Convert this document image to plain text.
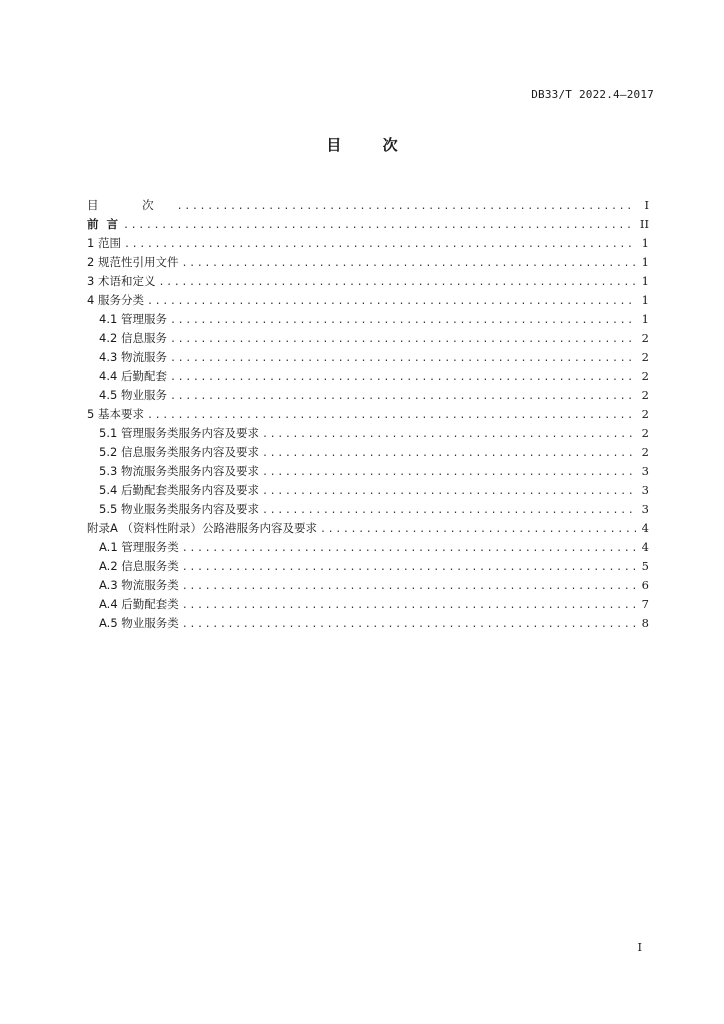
DB33/T 2022.4—2017
目 次
目 次 .....	I
前 言 .....	II
1 范围 .....	1
2 规范性引用文件 .....	1
3 术语和定义 .....	1
4 服务分类 .....	1
4.1 管理服务 .....	1
4.2 信息服务 .....	2
4.3 物流服务 .....	2
4.4 后勤配套 .....	2
4.5 物业服务 .....	2
5 基本要求 .....	2
5.1 管理服务类服务内容及要求 .....	2
5.2 信息服务类服务内容及要求 .....	2
5.3 物流服务类服务内容及要求 .....	3
5.4 后勤配套类服务内容及要求 .....	3
5.5 物业服务类服务内容及要求 .....	3
附录A （资料性附录）公路港服务内容及要求 .....	4
A.1 管理服务类 .....	4
A.2 信息服务类 .....	5
A.3 物流服务类 .....	6
A.4 后勤配套类 .....	7
A.5 物业服务类 .....	8
I
